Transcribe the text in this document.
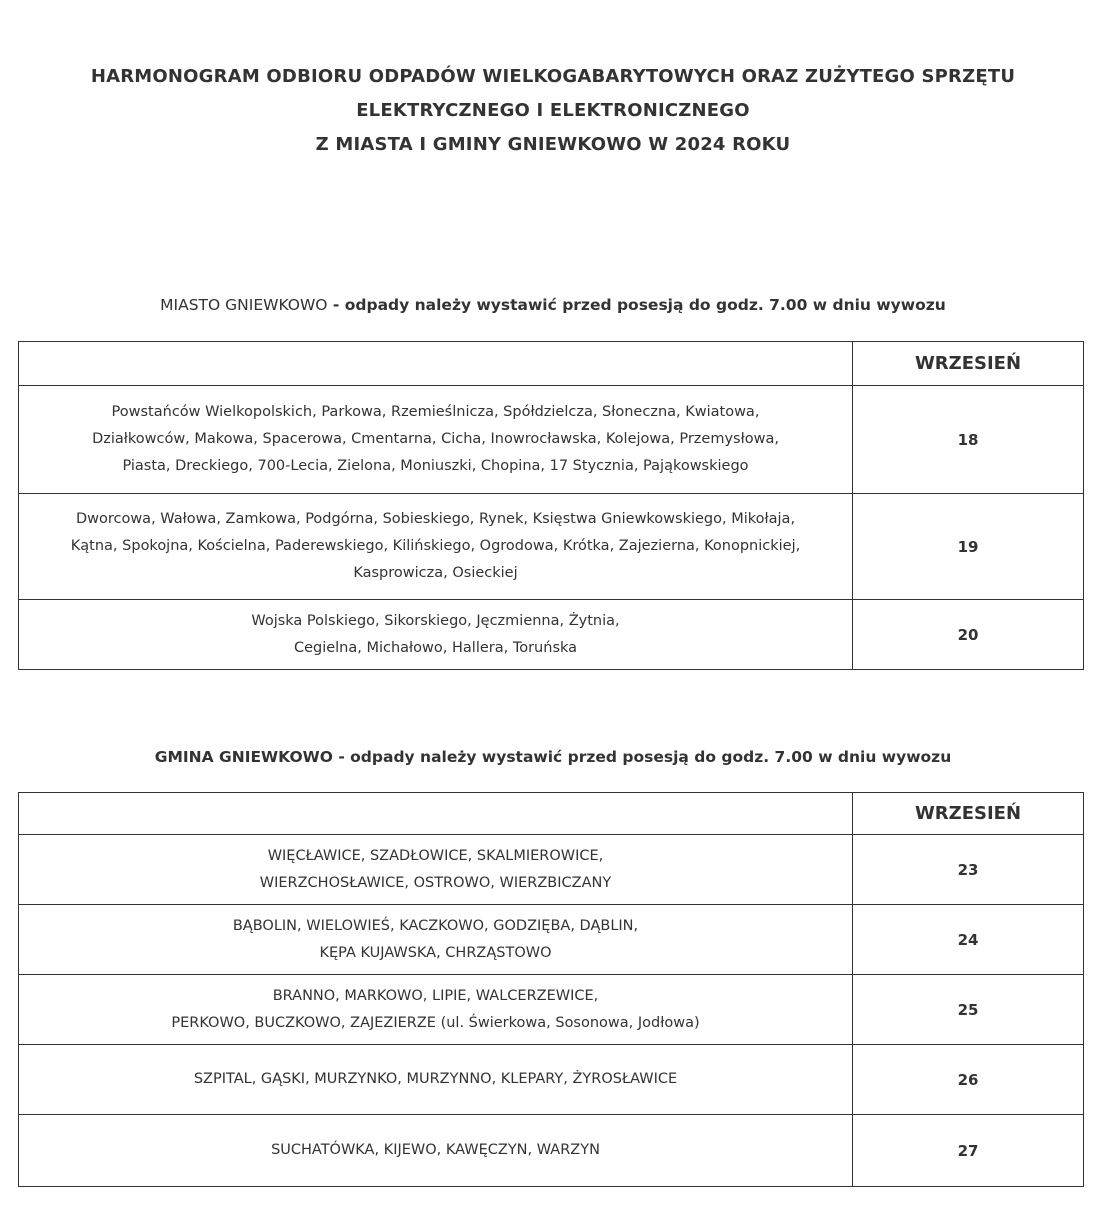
HARMONOGRAM ODBIORU ODPADÓW WIELKOGABARYTOWYCH ORAZ ZUŻYTEGO SPRZĘTU
ELEKTRYCZNEGO I ELEKTRONICZNEGO
Z MIASTA I GMINY GNIEWKOWO W 2024 ROKU
MIASTO GNIEWKOWO - odpady należy wystawić przed posesją do godz. 7.00 w dniu wywozu
	WRZESIEŃ

Powstańców Wielkopolskich, Parkowa, Rzemieślnicza, Spółdzielcza, Słoneczna, Kwiatowa,
Działkowców, Makowa, Spacerowa, Cmentarna, Cicha, Inowrocławska, Kolejowa, Przemysłowa,
Piasta, Dreckiego, 700-Lecia, Zielona, Moniuszki, Chopina, 17 Stycznia, Pająkowskiego	18

Dworcowa, Wałowa, Zamkowa, Podgórna, Sobieskiego, Rynek, Księstwa Gniewkowskiego, Mikołaja,
Kątna, Spokojna, Kościelna, Paderewskiego, Kilińskiego, Ogrodowa, Krótka, Zajezierna, Konopnickiej,
Kasprowicza, Osieckiej	19

Wojska Polskiego, Sikorskiego, Jęczmienna, Żytnia,
Cegielna, Michałowo, Hallera, Toruńska	20
GMINA GNIEWKOWO - odpady należy wystawić przed posesją do godz. 7.00 w dniu wywozu
	WRZESIEŃ

WIĘCŁAWICE, SZADŁOWICE, SKALMIEROWICE,
WIERZCHOSŁAWICE, OSTROWO, WIERZBICZANY	23

BĄBOLIN, WIELOWIEŚ, KACZKOWO, GODZIĘBA, DĄBLIN,
KĘPA KUJAWSKA, CHRZĄSTOWO	24

BRANNO, MARKOWO, LIPIE, WALCERZEWICE,
PERKOWO, BUCZKOWO, ZAJEZIERZE (ul. Świerkowa, Sosonowa, Jodłowa)	25

SZPITAL, GĄSKI, MURZYNKO, MURZYNNO, KLEPARY, ŻYROSŁAWICE	26

SUCHATÓWKA, KIJEWO, KAWĘCZYN, WARZYN	27
